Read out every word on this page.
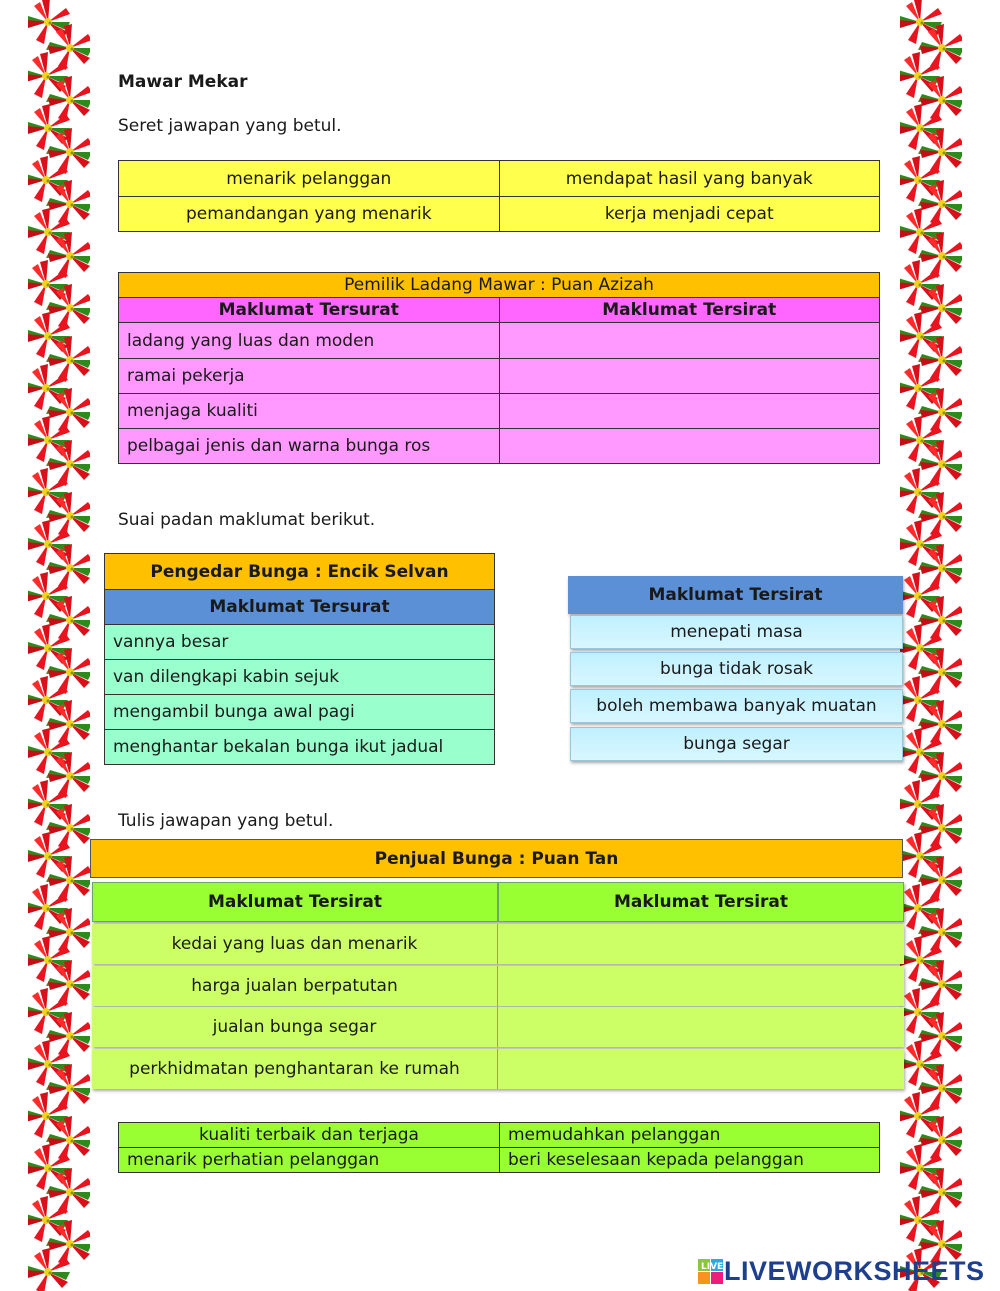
Mawar Mekar
Seret jawapan yang betul.
menarik pelanggan	mendapat hasil yang banyak
pemandangan yang menarik	kerja menjadi cepat
Pemilik Ladang Mawar : Puan Azizah	
Maklumat Tersurat	Maklumat Tersirat
ladang yang luas dan moden	
ramai pekerja	
menjaga kualiti	
pelbagai jenis dan warna bunga ros	
Suai padan maklumat berikut.
Pengedar Bunga : Encik Selvan
Maklumat Tersurat
vannya besar
van dilengkapi kabin sejuk
mengambil bunga awal pagi
menghantar bekalan bunga ikut jadual
Maklumat Tersirat
menepati masa
bunga tidak rosak
boleh membawa banyak muatan
bunga segar
Tulis jawapan yang betul.
Penjual Bunga : Puan Tan
Maklumat Tersirat	Maklumat Tersirat
kedai yang luas dan menarik
harga jualan berpatutan
jualan bunga segar
perkhidmatan penghantaran ke rumah
kualiti terbaik dan terjaga	memudahkan pelanggan
menarik perhatian pelanggan	beri keselesaan kepada pelanggan
LIVE LIVEWORKSHEETS
